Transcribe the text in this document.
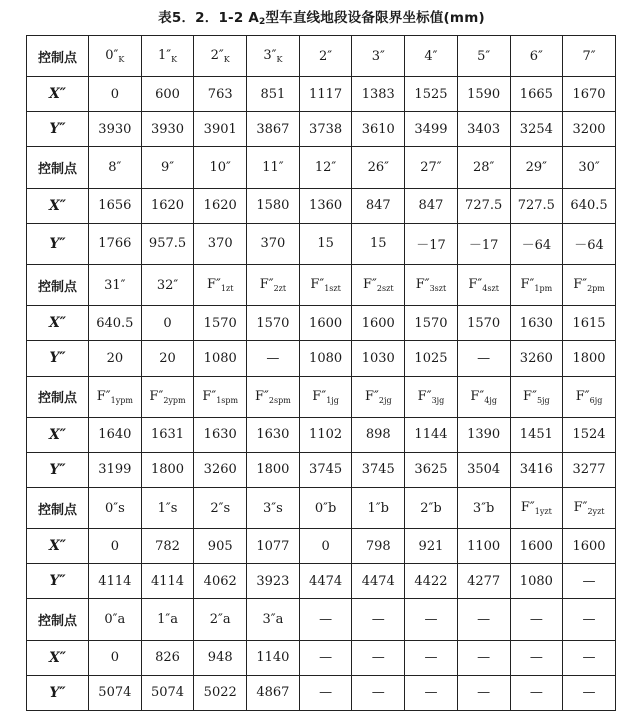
表5．2．1-2 $A_2$型车直线地段设备限界坐标值(mm)
控制点	$0''_K$	$1''_K$	$2''_K$	$3''_K$	2″	3″	4″	5″	6″	7″
X″	0	600	763	851	1117	1383	1525	1590	1665	1670
Y″	3930	3930	3901	3867	3738	3610	3499	3403	3254	3200
控制点	8″	9″	10″	11″	12″	26″	27″	28″	29″	30″
X″	1656	1620	1620	1580	1360	847	847	727.5	727.5	640.5
Y″	1766	957.5	370	370	15	15	－17	－17	－64	－64
控制点	31″	32″	$F''_{1zt}$	$F''_{2zt}$	$F''_{1szt}$	$F''_{2szt}$	$F''_{3szt}$	$F''_{4szt}$	$F''_{1pm}$	$F''_{2pm}$
X″	640.5	0	1570	1570	1600	1600	1570	1570	1630	1615
Y″	20	20	1080	—	1080	1030	1025	—	3260	1800
控制点	$F''_{1ypm}$	$F''_{2ypm}$	$F''_{1spm}$	$F''_{2spm}$	$F''_{1jg}$	$F''_{2jg}$	$F''_{3jg}$	$F''_{4jg}$	$F''_{5jg}$	$F''_{6jg}$
X″	1640	1631	1630	1630	1102	898	1144	1390	1451	1524
Y″	3199	1800	3260	1800	3745	3745	3625	3504	3416	3277
控制点	0″s	1″s	2″s	3″s	0″b	1″b	2″b	3″b	$F''_{1yzt}$	$F''_{2yzt}$
X″	0	782	905	1077	0	798	921	1100	1600	1600
Y″	4114	4114	4062	3923	4474	4474	4422	4277	1080	—
控制点	0″a	1″a	2″a	3″a	—	—	—	—	—	—
X″	0	826	948	1140	—	—	—	—	—	—
Y″	5074	5074	5022	4867	—	—	—	—	—	—
